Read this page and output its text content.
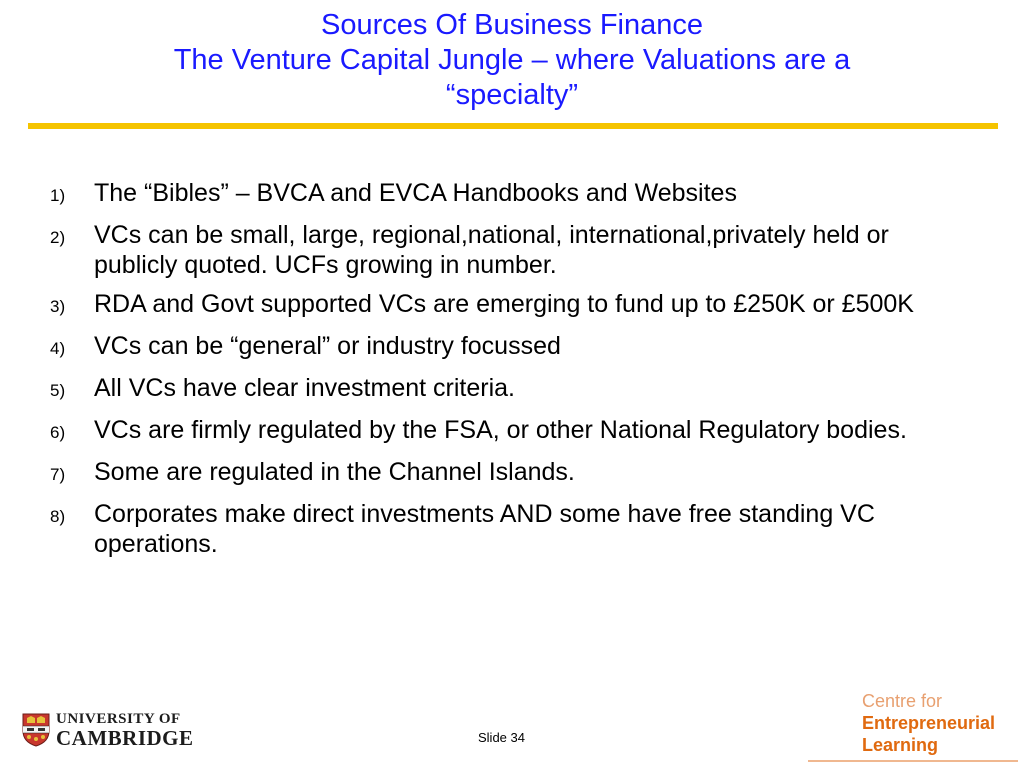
Sources Of Business Finance
The Venture Capital Jungle – where Valuations are a
“specialty”
1)	The “Bibles” – BVCA and EVCA Handbooks and Websites
2)	VCs can be small, large, regional,national, international,privately held or publicly quoted. UCFs growing in number.
3)	RDA and Govt supported VCs are emerging to fund up to £250K or £500K
4)	VCs can be “general” or industry focussed
5)	All VCs have clear investment criteria.
6)	VCs are firmly regulated by the FSA, or other National Regulatory bodies.
7)	Some are regulated in the Channel Islands.
8)	Corporates make direct investments AND some have free standing VC operations.
UNIVERSITY OF
CAMBRIDGE	Slide 34
Centre for
Entrepreneurial
Learning
